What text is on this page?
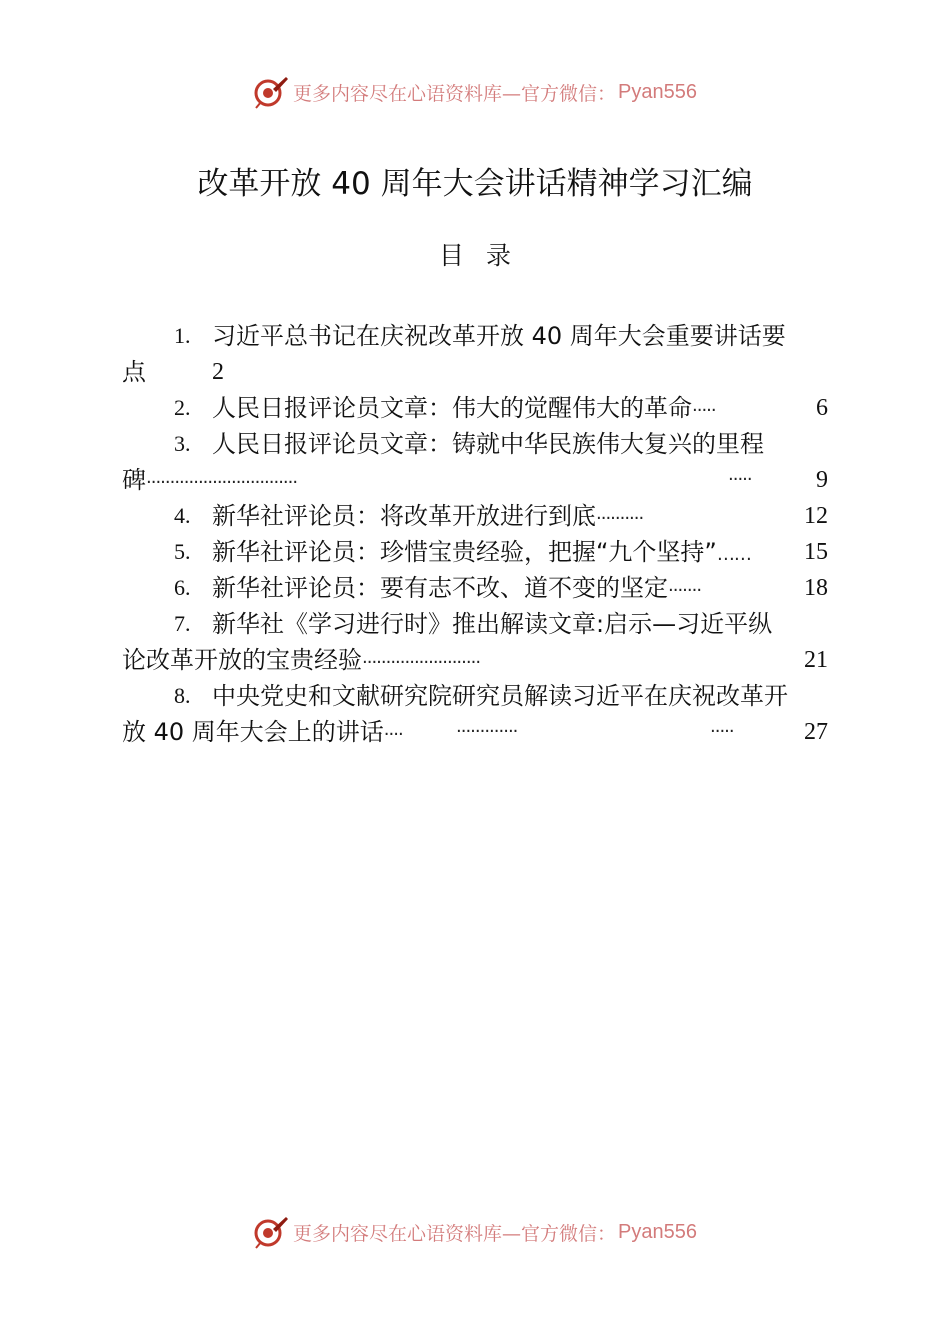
更多内容尽在心语资料库—官方微信： Pyan556
改革开放 40 周年大会讲话精神学习汇编
目录
1. 习近平总书记在庆祝改革开放 40 周年大会重要讲话要
点	2
2. 人民日报评论员文章：伟大的觉醒伟大的革命·····	6
3. 人民日报评论员文章：铸就中华民族伟大复兴的里程
碑································	·····	9
4. 新华社评论员：将改革开放进行到底··········	12
5. 新华社评论员：珍惜宝贵经验，把握“九个坚持”…… 15
6. 新华社评论员：要有志不改、道不变的坚定·······	18
7. 新华社《学习进行时》推出解读文章:启示—习近平纵
论改革开放的宝贵经验·························	21
8. 中央党史和文献研究院研究员解读习近平在庆祝改革开
放 40 周年大会上的讲话····	·············	·····	27
更多内容尽在心语资料库—官方微信： Pyan556
